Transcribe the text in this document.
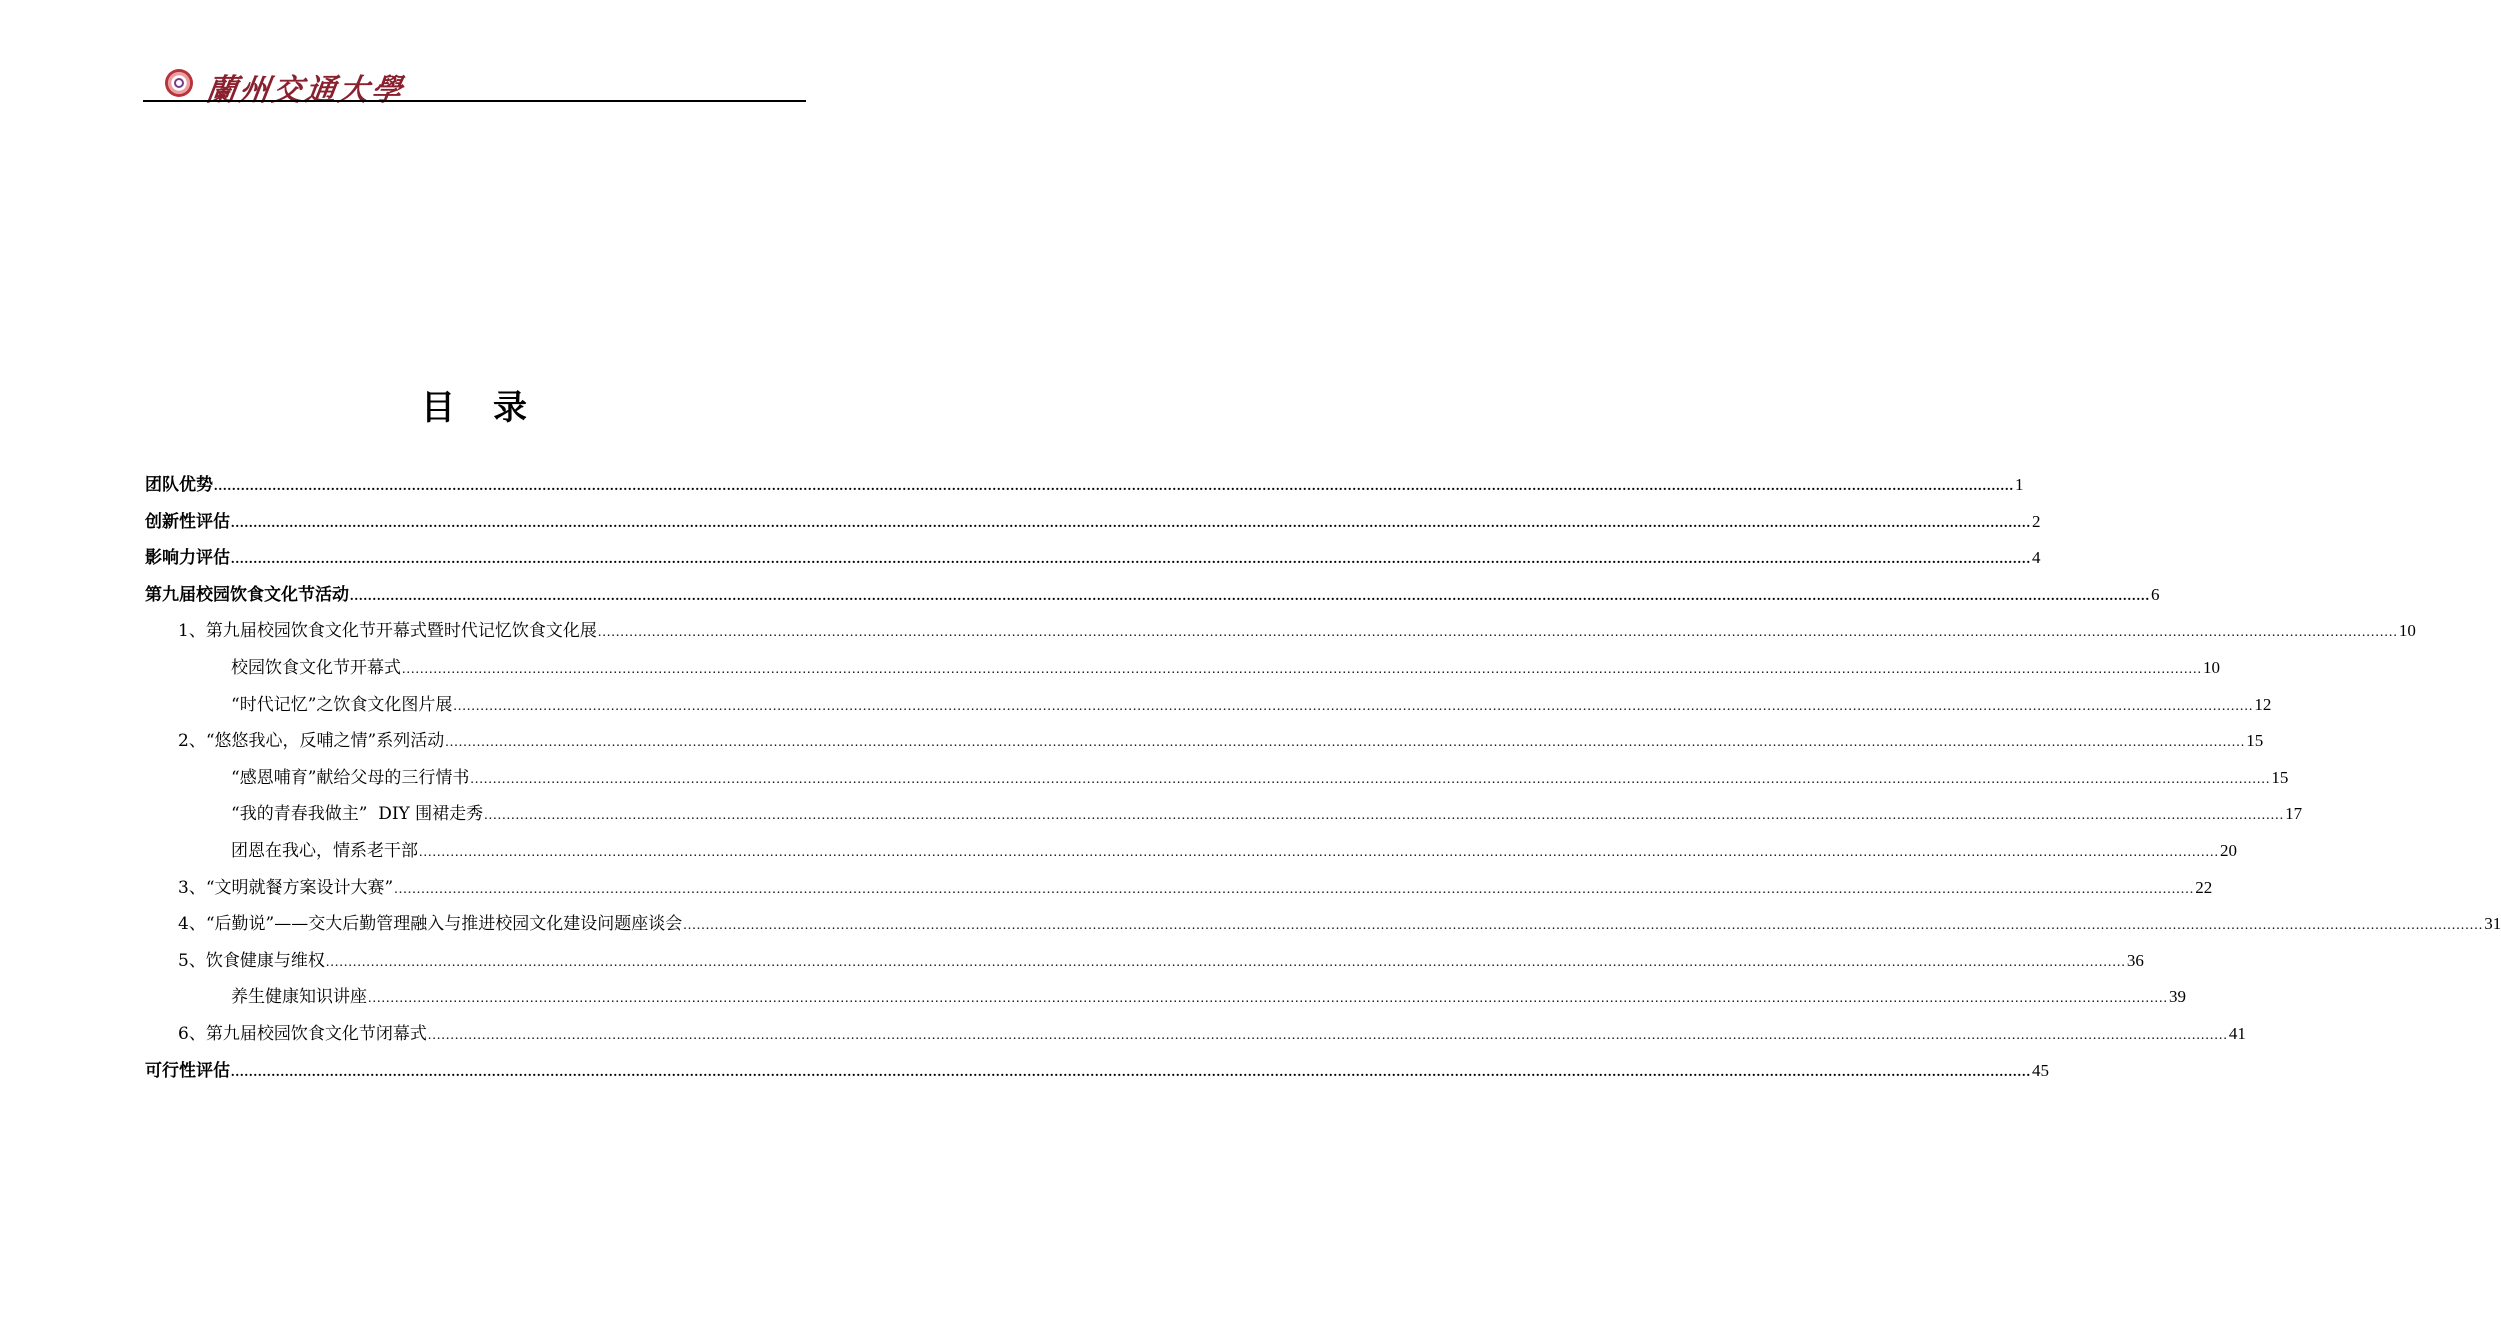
蘭州交通大學
目　录
团队优势 ................................................................................................................................................................................................................................................................................................................................................................................................................ 1
创新性评估 ................................................................................................................................................................................................................................................................................................................................................................................................................ 2
影响力评估 ................................................................................................................................................................................................................................................................................................................................................................................................................ 4
第九届校园饮食文化节活动 ................................................................................................................................................................................................................................................................................................................................................................................................................ 6
1、第九届校园饮食文化节开幕式暨时代记忆饮食文化展 ................................................................................................................................................................................................................................................................................................................................................................................................................ 10
校园饮食文化节开幕式 ................................................................................................................................................................................................................................................................................................................................................................................................................ 10
“时代记忆”之饮食文化图片展 ................................................................................................................................................................................................................................................................................................................................................................................................................ 12
2、“悠悠我心，反哺之情”系列活动 ................................................................................................................................................................................................................................................................................................................................................................................................................ 15
“感恩哺育”献给父母的三行情书 ................................................................................................................................................................................................................................................................................................................................................................................................................ 15
“我的青春我做主”  DIY 围裙走秀 ................................................................................................................................................................................................................................................................................................................................................................................................................ 17
团恩在我心，情系老干部 ................................................................................................................................................................................................................................................................................................................................................................................................................ 20
3、“文明就餐方案设计大赛” ................................................................................................................................................................................................................................................................................................................................................................................................................ 22
4、“后勤说”——交大后勤管理融入与推进校园文化建设问题座谈会 ................................................................................................................................................................................................................................................................................................................................................................................................................ 31
5、饮食健康与维权 ................................................................................................................................................................................................................................................................................................................................................................................................................ 36
养生健康知识讲座 ................................................................................................................................................................................................................................................................................................................................................................................................................ 39
6、第九届校园饮食文化节闭幕式 ................................................................................................................................................................................................................................................................................................................................................................................................................ 41
可行性评估 ................................................................................................................................................................................................................................................................................................................................................................................................................ 45
